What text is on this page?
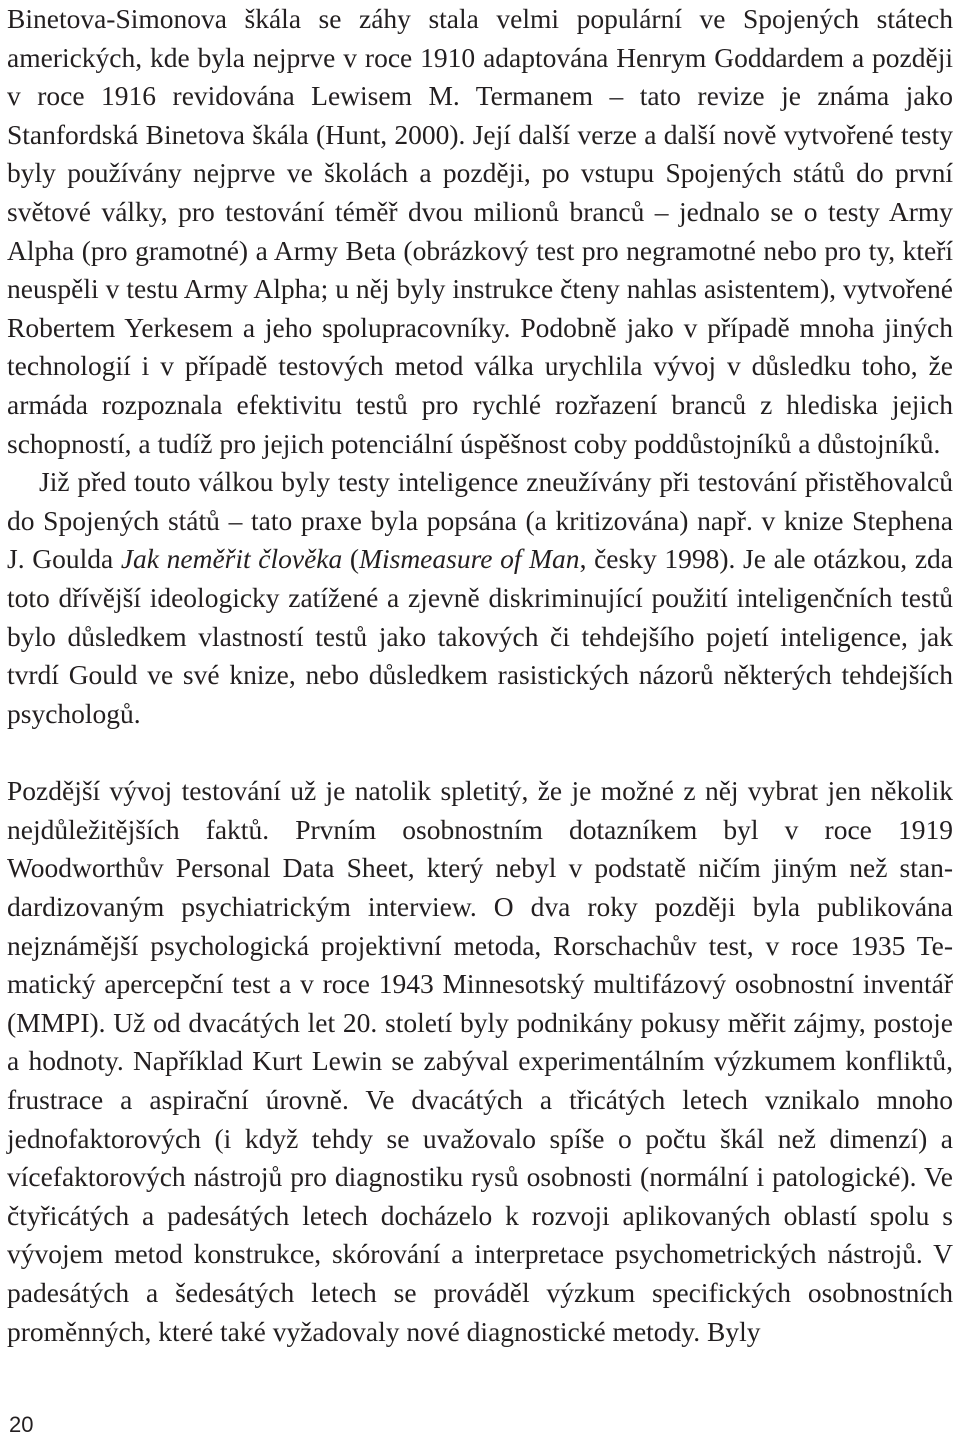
Binetova-Simonova škála se záhy stala velmi populární ve Spojených státech amerických, kde byla nejprve v roce 1910 adaptována Henrym Goddardem a později v roce 1916 revidována Lewisem M. Termanem – tato revize je známa jako Stanfordská Binetova škála (Hunt, 2000). Její další verze a další nově vytvořené testy byly používány nejprve ve školách a později, po vstupu Spojených států do první světové války, pro testování téměř dvou milionů branců – jednalo se o testy Army Alpha (pro gramotné) a Army Beta (obrázkový test pro negramotné nebo pro ty, kteří neuspěli v testu Army Alpha; u něj byly instrukce čteny nahlas asistentem), vytvořené Robertem Yerkesem a jeho spolupracovníky. Podobně jako v případě mnoha jiných technologií i v případě testových metod válka urychlila vývoj v důsledku toho, že armáda rozpoznala efektivitu testů pro rychlé rozřazení branců z hlediska jejich schopností, a tudíž pro jejich potenciální úspěšnost coby poddůstojníků a důstojníků.

Již před touto válkou byly testy inteligence zneužívány při testování přistěhovalců do Spojených států – tato praxe byla popsána (a kritizována) např. v knize Stephena J. Goulda Jak neměřit člověka (Mismeasure of Man, česky 1998). Je ale otázkou, zda toto dřívější ideologicky zatížené a zjevně diskriminující použití inteligenčních testů bylo důsledkem vlastností testů jako takových či tehdejšího pojetí inteligence, jak tvrdí Gould ve své knize, nebo důsledkem rasistických názorů některých tehdejších psychologů.

Pozdější vývoj testování už je natolik spletitý, že je možné z něj vybrat jen několik nejdůležitějších faktů. Prvním osobnostním dotazníkem byl v roce 1919 Woodworthův Personal Data Sheet, který nebyl v podstatě ničím jiným než standardizovaným psychiatrickým interview. O dva roky později byla publikována nejznámější psychologická projektivní metoda, Rorschachův test, v roce 1935 Tematický apercepční test a v roce 1943 Minnesotský multifázový osobnostní inventář (MMPI). Už od dvacátých let 20. století byly podnikány pokusy měřit zájmy, postoje a hodnoty. Například Kurt Lewin se zabýval experimentálním výzkumem konfliktů, frustrace a aspirační úrovně. Ve dvacátých a třicátých letech vznikalo mnoho jednofaktorových (i když tehdy se uvažovalo spíše o počtu škál než dimenzí) a vícefaktorových nástrojů pro diagnostiku rysů osobnosti (normální i patologické). Ve čtyřicátých a padesátých letech docházelo k rozvoji aplikovaných oblastí spolu s vývojem metod konstrukce, skórování a interpretace psychometrických nástrojů. V padesátých a šedesátých letech se prováděl výzkum specifických osobnostních proměnných, které také vyžadovaly nové diagnostické metody. Byly

20
